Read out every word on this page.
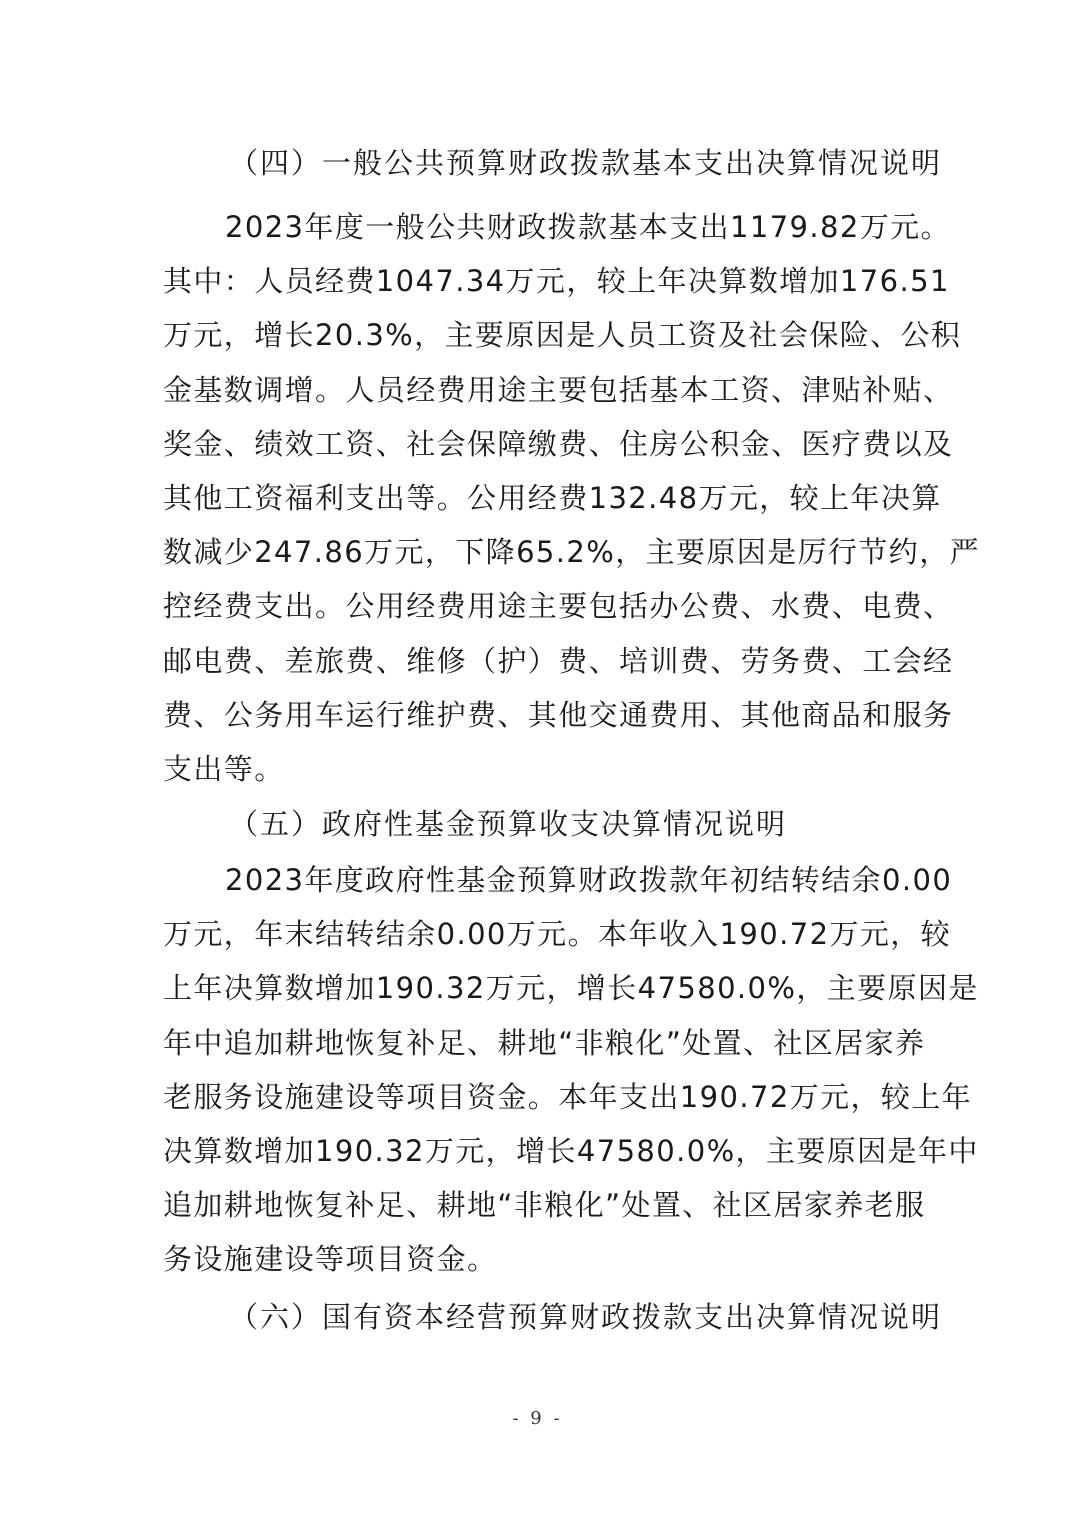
（四）一般公共预算财政拨款基本支出决算情况说明

2023年度一般公共财政拨款基本支出1179.82万元。
其中：人员经费1047.34万元，较上年决算数增加176.51
万元，增长20.3%，主要原因是人员工资及社会保险、公积
金基数调增。人员经费用途主要包括基本工资、津贴补贴、
奖金、绩效工资、社会保障缴费、住房公积金、医疗费以及
其他工资福利支出等。公用经费132.48万元，较上年决算
数减少247.86万元，下降65.2%，主要原因是厉行节约，严
控经费支出。公用经费用途主要包括办公费、水费、电费、
邮电费、差旅费、维修（护）费、培训费、劳务费、工会经
费、公务用车运行维护费、其他交通费用、其他商品和服务
支出等。

（五）政府性基金预算收支决算情况说明

2023年度政府性基金预算财政拨款年初结转结余0.00
万元，年末结转结余0.00万元。本年收入190.72万元，较
上年决算数增加190.32万元，增长47580.0%，主要原因是
年中追加耕地恢复补足、耕地“非粮化”处置、社区居家养
老服务设施建设等项目资金。本年支出190.72万元，较上年
决算数增加190.32万元，增长47580.0%，主要原因是年中
追加耕地恢复补足、耕地“非粮化”处置、社区居家养老服
务设施建设等项目资金。

（六）国有资本经营预算财政拨款支出决算情况说明

- 9 -
